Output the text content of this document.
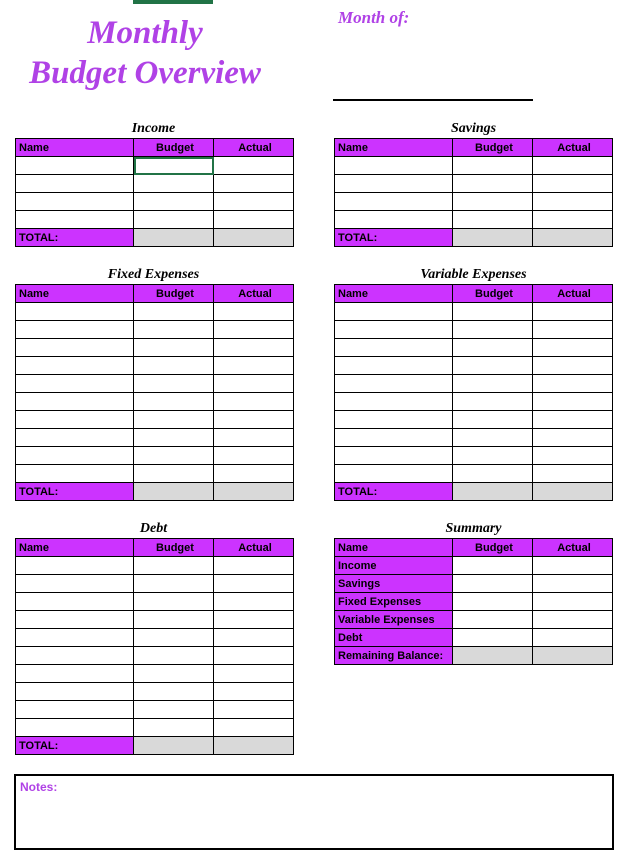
Monthly
Budget Overview
Month of:
Income
Name	Budget	Actual

TOTAL:		
Savings
Name	Budget	Actual

TOTAL:		
Fixed Expenses
Name	Budget	Actual

TOTAL:		
Variable Expenses
Name	Budget	Actual

TOTAL:		
Debt
Name	Budget	Actual

TOTAL:		
Summary
Name	Budget	Actual
Income		
Savings		
Fixed Expenses		
Variable Expenses		
Debt		
Remaining Balance:		
Notes:
